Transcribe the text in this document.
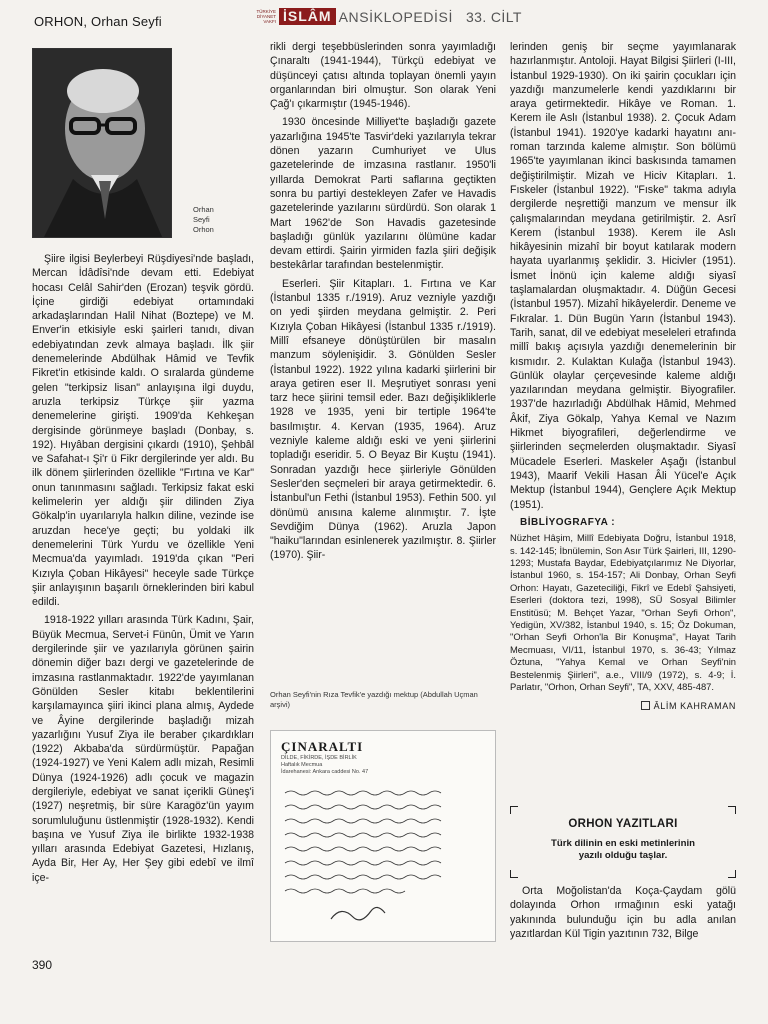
ORHON, Orhan Seyfi
TÜRKİYE DİYANET VAKFI İSLÂM ANSİKLOPEDİSİ 33. CİLT
Orhan
Seyfi
Orhon

Şiire ilgisi Beylerbeyi Rüşdiyesi'nde başladı, Mercan İdâdîsi'nde devam etti. Edebiyat hocası Celâl Sahir'den (Erozan) teşvik gördü. İçine girdiği edebiyat ortamındaki arkadaşlarından Halil Nihat (Boztepe) ve M. Enver'in etkisiyle eski şairleri tanıdı, divan edebiyatından zevk almaya başladı. İlk şiir denemelerinde Abdülhak Hâmid ve Tevfik Fikret'in etkisinde kaldı. O sıralarda gündeme gelen "terkipsiz lisan" anlayışına ilgi duydu, aruzla terkipsiz Türkçe şiir yazma denemelerine girişti. 1909'da Kehkeşan dergisinde görünmeye başladı (Donbay, s. 192). Hıyâban dergisini çıkardı (1910), Şehbâl ve Safahat-ı Şi'r ü Fikr dergilerinde yer aldı. Bu ilk dönem şiirlerinden özellikle "Fırtına ve Kar" onun tanınmasını sağladı. Terkipsiz fakat eski kelimelerin yer aldığı şiir dilinden Ziya Gökalp'in uyarılarıyla halkın diline, vezinde ise aruzdan hece'ye geçti; bu yoldaki ilk denemelerini Türk Yurdu ve özellikle Yeni Mecmua'da yayımladı. 1919'da çıkan "Peri Kızıyla Çoban Hikâyesi" heceyle sade Türkçe şiir anlayışının başarılı örneklerinden biri kabul edildi.

1918-1922 yılları arasında Türk Kadını, Şair, Büyük Mecmua, Servet-i Fünûn, Ümit ve Yarın dergilerinde şiir ve yazılarıyla görünen şairin dönemin diğer bazı dergi ve gazetelerinde de imzasına rastlanmaktadır. 1922'de yayımlanan Gönülden Sesler kitabı beklentilerini karşılamayınca şiiri ikinci plana almış, Aydede ve Âyine dergilerinde başladığı mizah yazarlığını Yusuf Ziya ile beraber çıkardıkları (1922) Akbaba'da sürdürmüştür. Papağan (1924-1927) ve Yeni Kalem adlı mizah, Resimli Dünya (1924-1926) adlı çocuk ve magazin dergileriyle, edebiyat ve sanat içerikli Güneş'i (1927) neşretmiş, bir süre Karagöz'ün yayım sorumluluğunu üstlenmiştir (1928-1932). Kendi başına ve Yusuf Ziya ile birlikte 1932-1938 yılları arasında Edebiyat Gazetesi, Hızlanış, Ayda Bir, Her Ay, Her Şey gibi edebî ve ilmî içe-

rikli dergi teşebbüslerinden sonra yayımladığı Çınaraltı (1941-1944), Türkçü edebiyat ve düşünceyi çatısı altında toplayan önemli yayın organlarından biri olmuştur. Son olarak Yeni Çağ'ı çıkarmıştır (1945-1946).

1930 öncesinde Milliyet'te başladığı gazete yazarlığına 1945'te Tasvir'deki yazılarıyla tekrar dönen yazarın Cumhuriyet ve Ulus gazetelerinde de imzasına rastlanır. 1950'li yıllarda Demokrat Parti saflarına geçtikten sonra bu partiyi destekleyen Zafer ve Havadis gazetelerinde yazılarını sürdürdü. Son olarak 1 Mart 1962'de Son Havadis gazetesinde başladığı günlük yazılarını ölümüne kadar devam ettirdi. Şairin yirmiden fazla şiiri değişik bestekârlar tarafından bestelenmiştir.

Eserleri. Şiir Kitapları. 1. Fırtına ve Kar (İstanbul 1335 r./1919). Aruz vezniyle yazdığı on yedi şiirden meydana gelmiştir. 2. Peri Kızıyla Çoban Hikâyesi (İstanbul 1335 r./1919). Millî efsaneye dönüştürülen bir masalın manzum söylenişidir. 3. Gönülden Sesler (İstanbul 1922). 1922 yılına kadarki şiirlerini bir araya getiren eser II. Meşrutiyet sonrası yeni tarz hece şiirini temsil eder. Bazı değişikliklerle 1928 ve 1935, yeni bir tertiple 1964'te basılmıştır. 4. Kervan (1935, 1964). Aruz vezniyle kaleme aldığı eski ve yeni şiirlerini topladığı eseridir. 5. O Beyaz Bir Kuştu (1941). Sonradan yazdığı hece şiirleriyle Gönülden Sesler'den seçmeleri bir araya getirmektedir. 6. İstanbul'un Fethi (İstanbul 1953). Fethin 500. yıl dönümü anısına kaleme alınmıştır. 7. İşte Sevdiğim Dünya (1962). Aruzla Japon "haiku"larından esinlenerek yazılmıştır. 8. Şiirler (1970). Şiir-

Orhan Seyfi'nin Rıza Tevfik'e yazdığı mektup (Abdullah Uçman arşivi)
ÇINARALTI
DİLDE, FİKİRDE, İŞDE BİRLİK
Haftalık Mecmua
İdarehanesi: Ankara caddesi No. 47

lerinden geniş bir seçme yayımlanarak hazırlanmıştır. Antoloji. Hayat Bilgisi Şiirleri (I-III, İstanbul 1929-1930). On iki şairin çocukları için yazdığı manzumelerle kendi yazdıklarını bir araya getirmektedir. Hikâye ve Roman. 1. Kerem ile Aslı (İstanbul 1938). 2. Çocuk Adam (İstanbul 1941). 1920'ye kadarki hayatını anı-roman tarzında kaleme almıştır. Son bölümü 1965'te yayımlanan ikinci baskısında tamamen değiştirilmiştir. Mizah ve Hiciv Kitapları. 1. Fıskeler (İstanbul 1922). "Fıske" takma adıyla dergilerde neşrettiği manzum ve mensur ilk çalışmalarından meydana getirilmiştir. 2. Asrî Kerem (İstanbul 1938). Kerem ile Aslı hikâyesinin mizahî bir boyut katılarak modern hayata uyarlanmış şeklidir. 3. Hicivler (1951). İsmet İnönü için kaleme aldığı siyasî taşlamalardan oluşmaktadır. 4. Düğün Gecesi (İstanbul 1957). Mizahî hikâyelerdir. Deneme ve Fıkralar. 1. Dün Bugün Yarın (İstanbul 1943). Tarih, sanat, dil ve edebiyat meseleleri etrafında millî bakış açısıyla yazdığı denemelerinin bir kısmıdır. 2. Kulaktan Kulağa (İstanbul 1943). Günlük olaylar çerçevesinde kaleme aldığı yazılarından meydana gelmiştir. Biyografiler. 1937'de hazırladığı Abdülhak Hâmid, Mehmed Âkif, Ziya Gökalp, Yahya Kemal ve Nazım Hikmet biyografileri, değerlendirme ve şiirlerinden seçmelerden oluşmaktadır. Siyasî Mücadele Eserleri. Maskeler Aşağı (İstanbul 1943), Maarif Vekili Hasan Âli Yücel'e Açık Mektup (İstanbul 1944), Gençlere Açık Mektup (1951).

BİBLİYOGRAFYA :
Nüzhet Hâşim, Millî Edebiyata Doğru, İstanbul 1918, s. 142-145; İbnülemin, Son Asır Türk Şairleri, III, 1290-1293; Mustafa Baydar, Edebiyatçılarımız Ne Diyorlar, İstanbul 1960, s. 154-157; Ali Donbay, Orhan Seyfi Orhon: Hayatı, Gazeteciliği, Fikrî ve Edebî Şahsiyeti, Eserleri (doktora tezi, 1998), SÜ Sosyal Bilimler Enstitüsü; M. Behçet Yazar, "Orhan Seyfi Orhon", Yedigün, XV/382, İstanbul 1940, s. 15; Öz Dokuman, "Orhan Seyfi Orhon'la Bir Konuşma", Hayat Tarih Mecmuası, VI/11, İstanbul 1970, s. 36-43; Yılmaz Öztuna, "Yahya Kemal ve Orhan Seyfi'nin Bestelenmiş Şiirleri", a.e., VIII/9 (1972), s. 4-9; İ. Parlatır, "Orhon, Orhan Seyfi", TA, XXV, 485-487.
ÂLİM KAHRAMAN
ORHON YAZITLARI
Türk dilinin en eski metinlerinin yazılı olduğu taşlar.

Orta Moğolistan'da Koça-Çaydam gölü dolayında Orhon ırmağının eski yatağı yakınında bulunduğu için bu adla anılan yazıtlardan Kül Tigin yazıtının 732, Bilge

390
